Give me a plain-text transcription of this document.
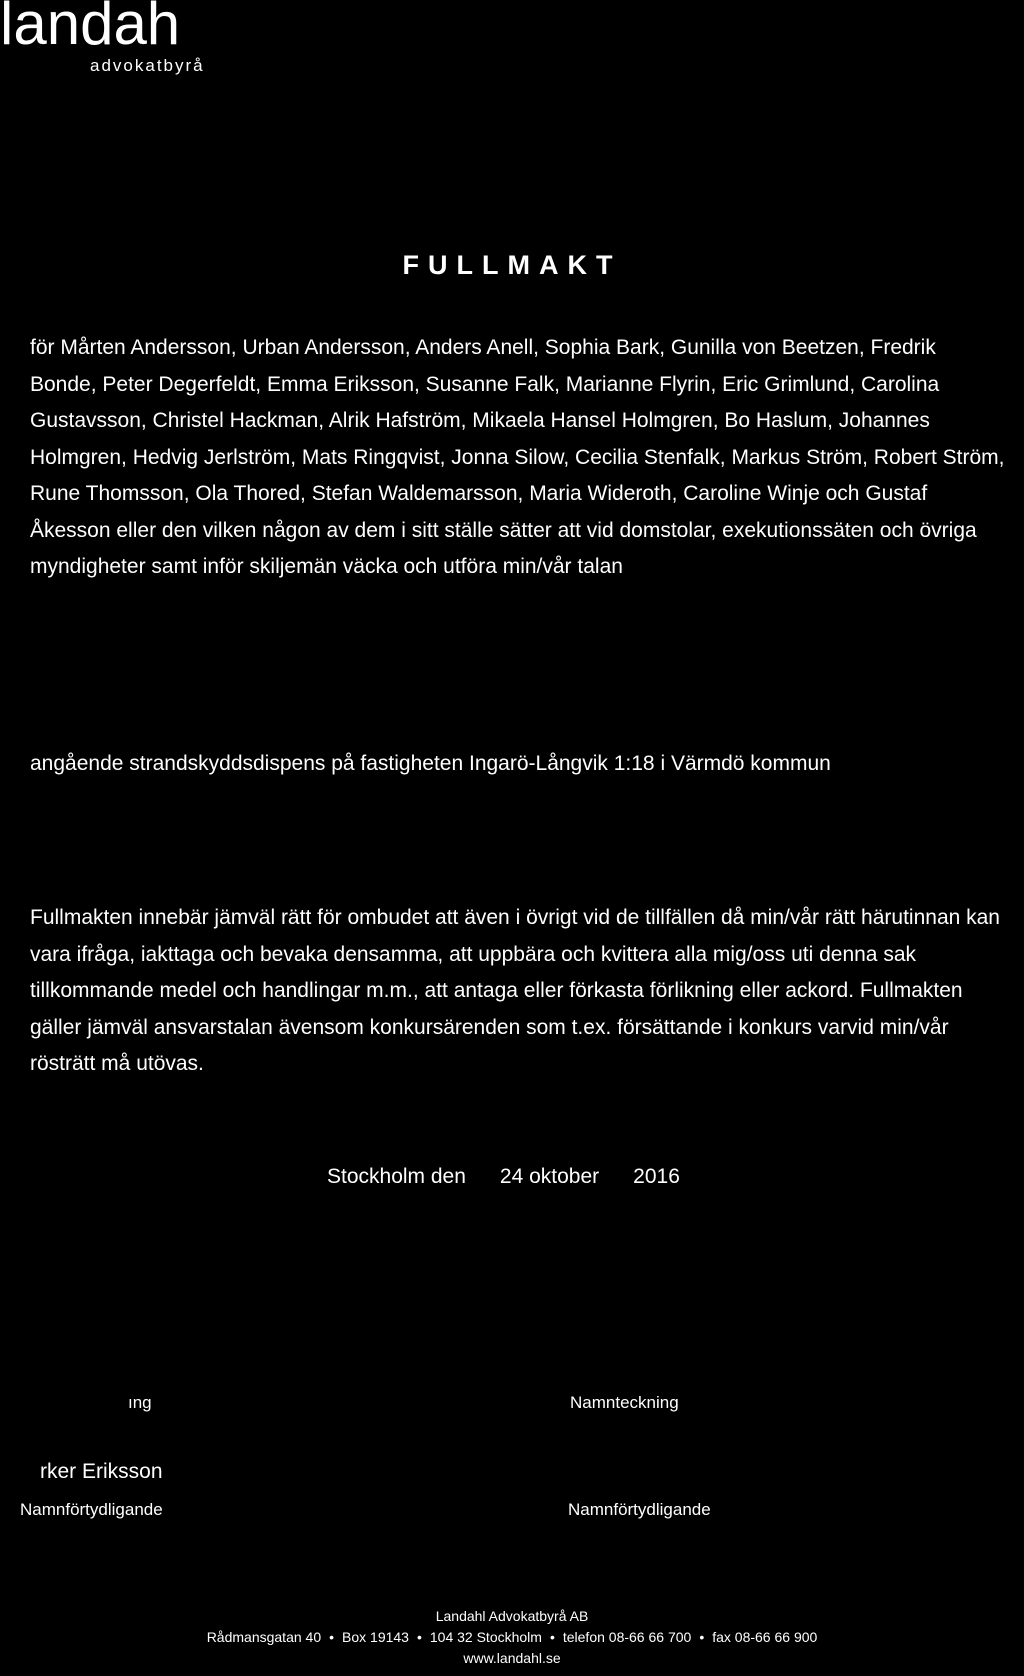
landah
advokatbyrå
FULLMAKT
för Mårten Andersson, Urban Andersson, Anders Anell, Sophia Bark, Gunilla von Beetzen, Fredrik Bonde, Peter Degerfeldt, Emma Eriksson, Susanne Falk, Marianne Flyrin, Eric Grimlund, Carolina Gustavsson, Christel Hackman, Alrik Hafström, Mikaela Hansel Holmgren, Bo Haslum, Johannes Holmgren, Hedvig Jerlström, Mats Ringqvist, Jonna Silow, Cecilia Stenfalk, Markus Ström, Robert Ström, Rune Thomsson, Ola Thored, Stefan Waldemarsson, Maria Wideroth, Caroline Winje och Gustaf Åkesson eller den vilken någon av dem i sitt ställe sätter att vid domstolar, exekutionssäten och övriga myndigheter samt inför skiljemän väcka och utföra min/vår talan
angående strandskyddsdispens på fastigheten Ingarö-Långvik 1:18 i Värmdö kommun
Fullmakten innebär jämväl rätt för ombudet att även i övrigt vid de tillfällen då min/vår rätt härutinnan kan vara ifråga, iakttaga och bevaka densamma, att uppbära och kvittera alla mig/oss uti denna sak tillkommande medel och handlingar m.m., att antaga eller förkasta förlikning eller ackord. Fullmakten gäller jämväl ansvarstalan ävensom konkursärenden som t.ex. försättande i konkurs varvid min/vår rösträtt må utövas.
Stockholm den 24 oktober 2016
ıng	Namnteckning
rker Eriksson
Namnförtydligande	Namnförtydligande
Landahl Advokatbyrå AB
Rådmansgatan 40 • Box 19143 • 104 32 Stockholm • telefon 08-66 66 700 • fax 08-66 66 900
www.landahl.se
